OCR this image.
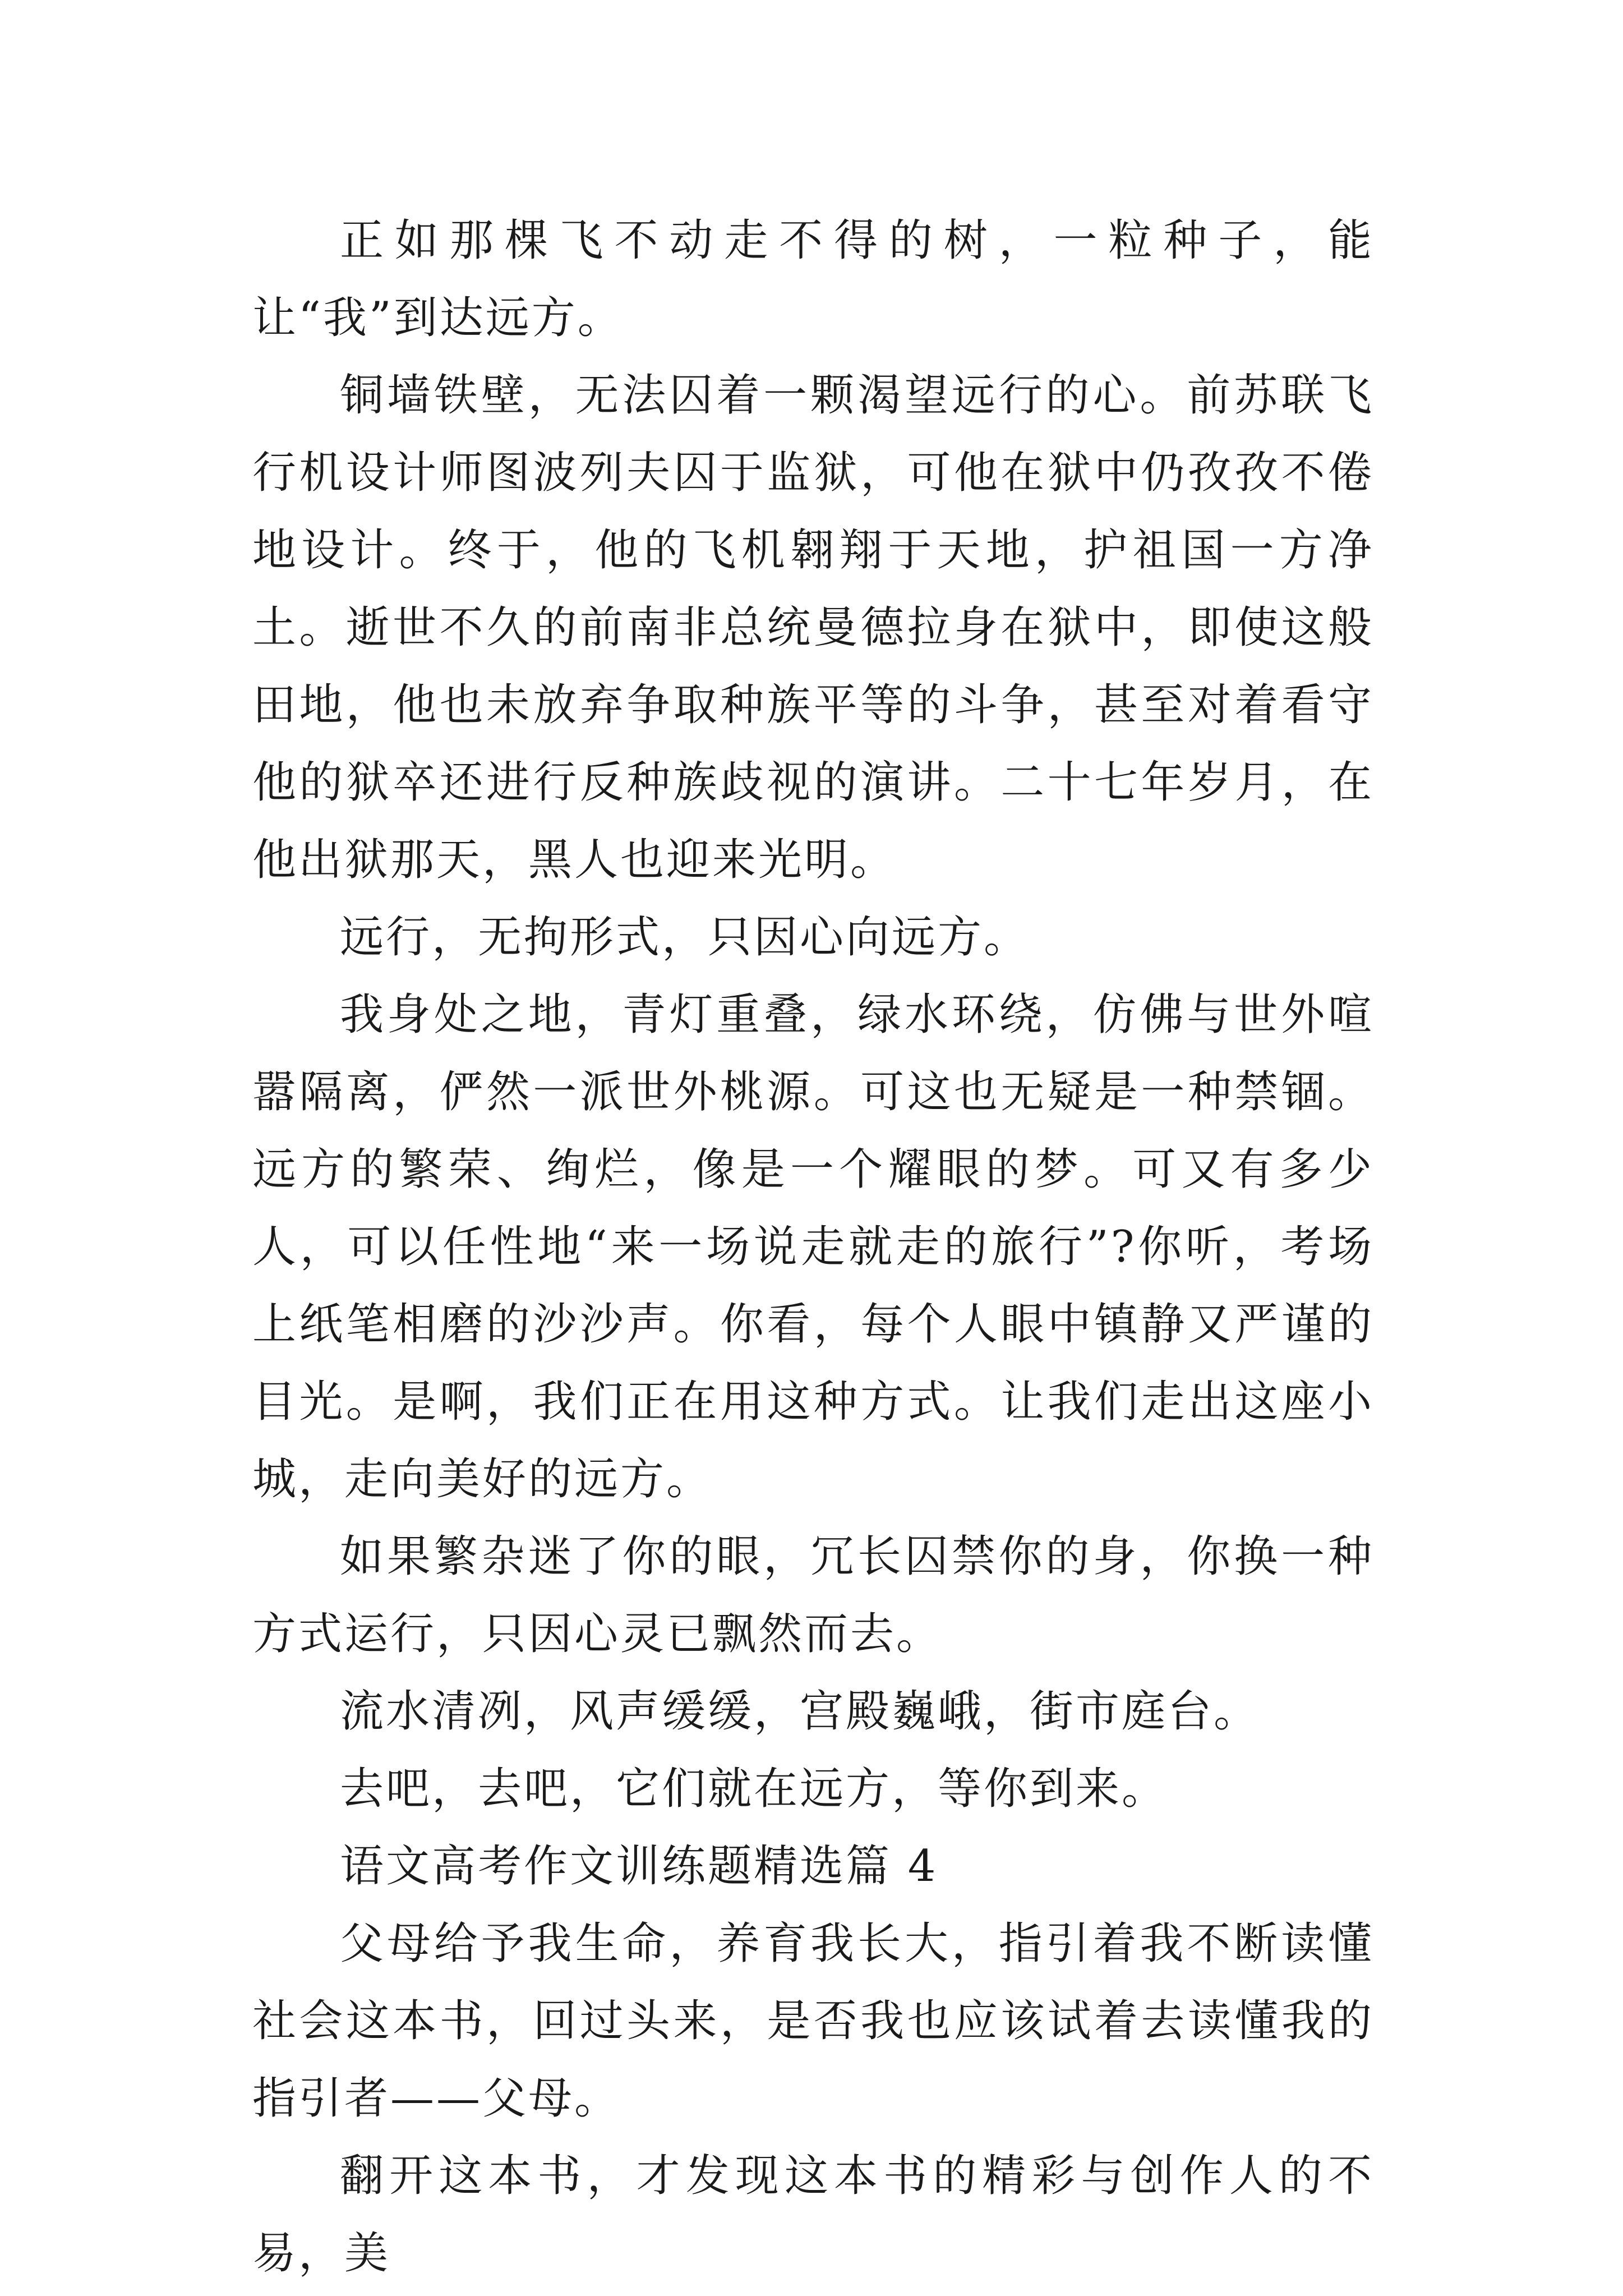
正如那棵飞不动走不得的树，一粒种子，能让“我”到达远方。

铜墙铁壁，无法囚着一颗渴望远行的心。前苏联飞行机设计师图波列夫囚于监狱，可他在狱中仍孜孜不倦地设计。终于，他的飞机翱翔于天地，护祖国一方净土。逝世不久的前南非总统曼德拉身在狱中，即使这般田地，他也未放弃争取种族平等的斗争，甚至对着看守他的狱卒还进行反种族歧视的演讲。二十七年岁月，在他出狱那天，黑人也迎来光明。

远行，无拘形式，只因心向远方。

我身处之地，青灯重叠，绿水环绕，仿佛与世外喧嚣隔离，俨然一派世外桃源。可这也无疑是一种禁锢。远方的繁荣、绚烂，像是一个耀眼的梦。可又有多少人，可以任性地“来一场说走就走的旅行”?你听，考场上纸笔相磨的沙沙声。你看，每个人眼中镇静又严谨的目光。是啊，我们正在用这种方式。让我们走出这座小城，走向美好的远方。

如果繁杂迷了你的眼，冗长囚禁你的身，你换一种方式运行，只因心灵已飘然而去。

流水清冽，风声缓缓，宫殿巍峨，街市庭台。

去吧，去吧，它们就在远方，等你到来。

语文高考作文训练题精选篇 4

父母给予我生命，养育我长大，指引着我不断读懂社会这本书，回过头来，是否我也应该试着去读懂我的指引者——父母。

翻开这本书，才发现这本书的精彩与创作人的不易，美
